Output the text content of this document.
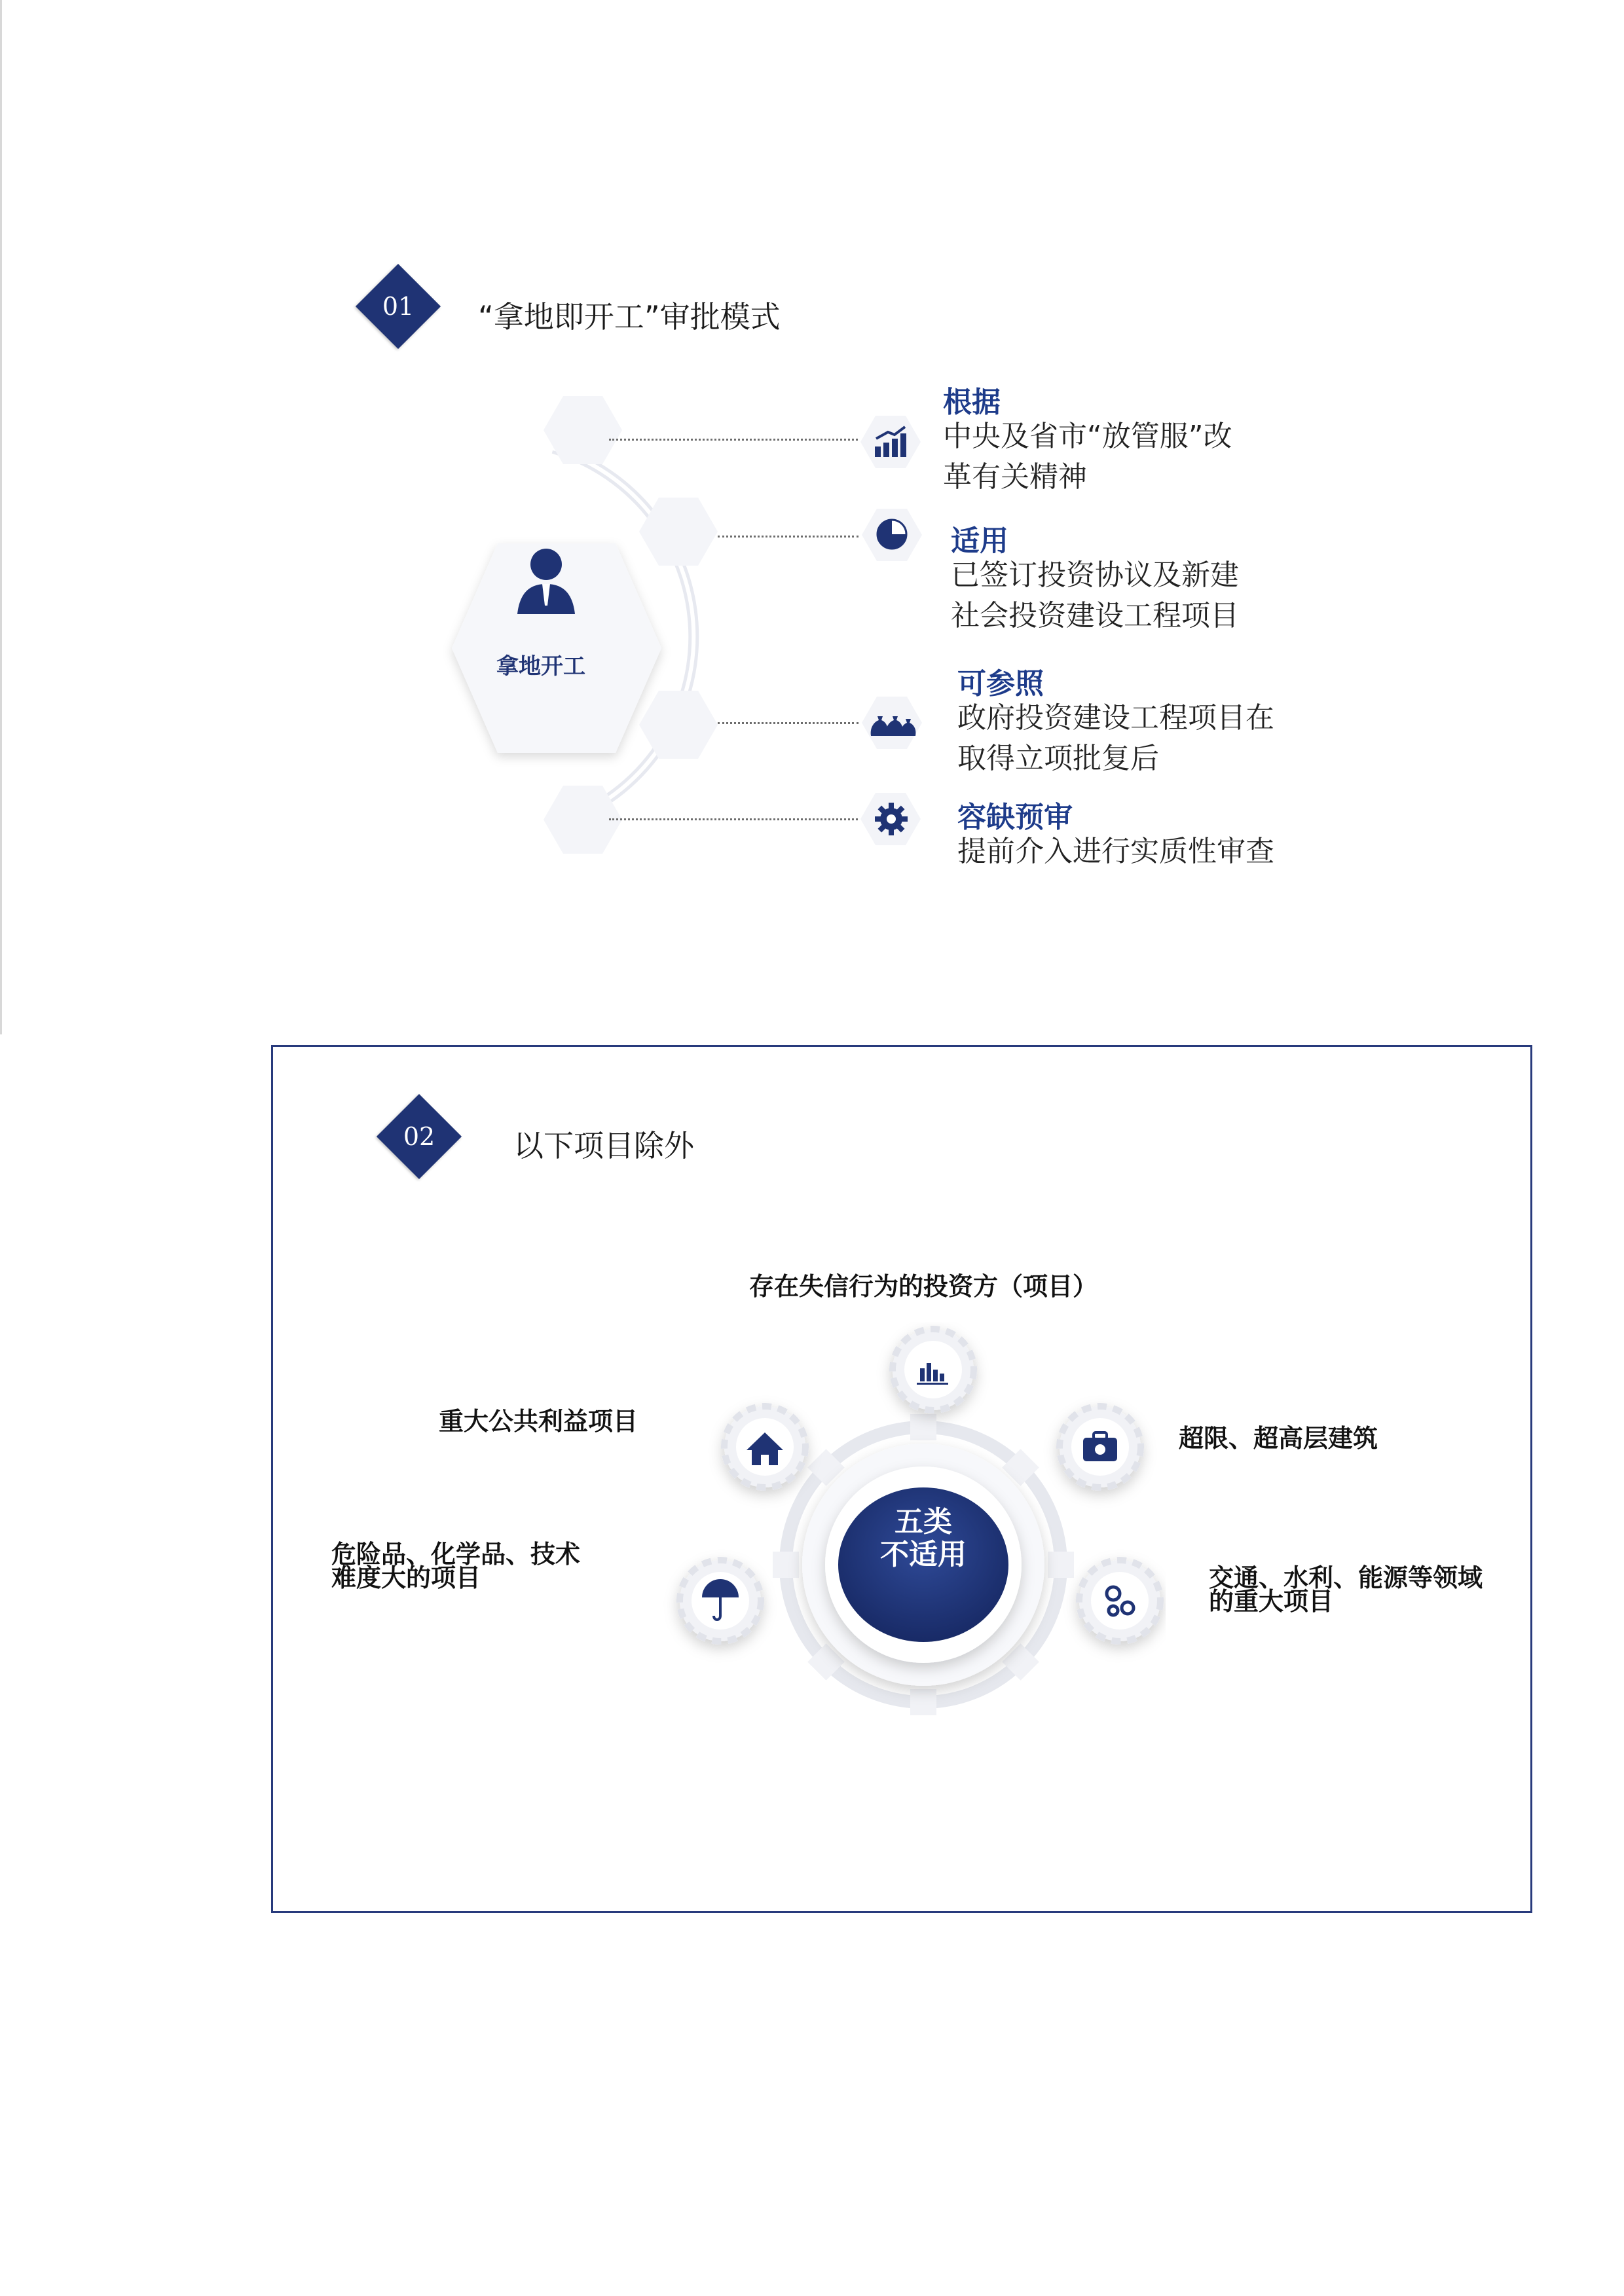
01	“拿地即开工”审批模式
拿地开工
根据
中央及省市“放管服”改
革有关精神
适用
已签订投资协议及新建
社会投资建设工程项目
可参照
政府投资建设工程项目在
取得立项批复后
容缺预审
提前介入进行实质性审查
02	以下项目除外
五类
不适用
存在失信行为的投资方（项目）
重大公共利益项目
超限、超高层建筑
危险品、化学品、技术
难度大的项目	交通、水利、能源等领域
的重大项目
